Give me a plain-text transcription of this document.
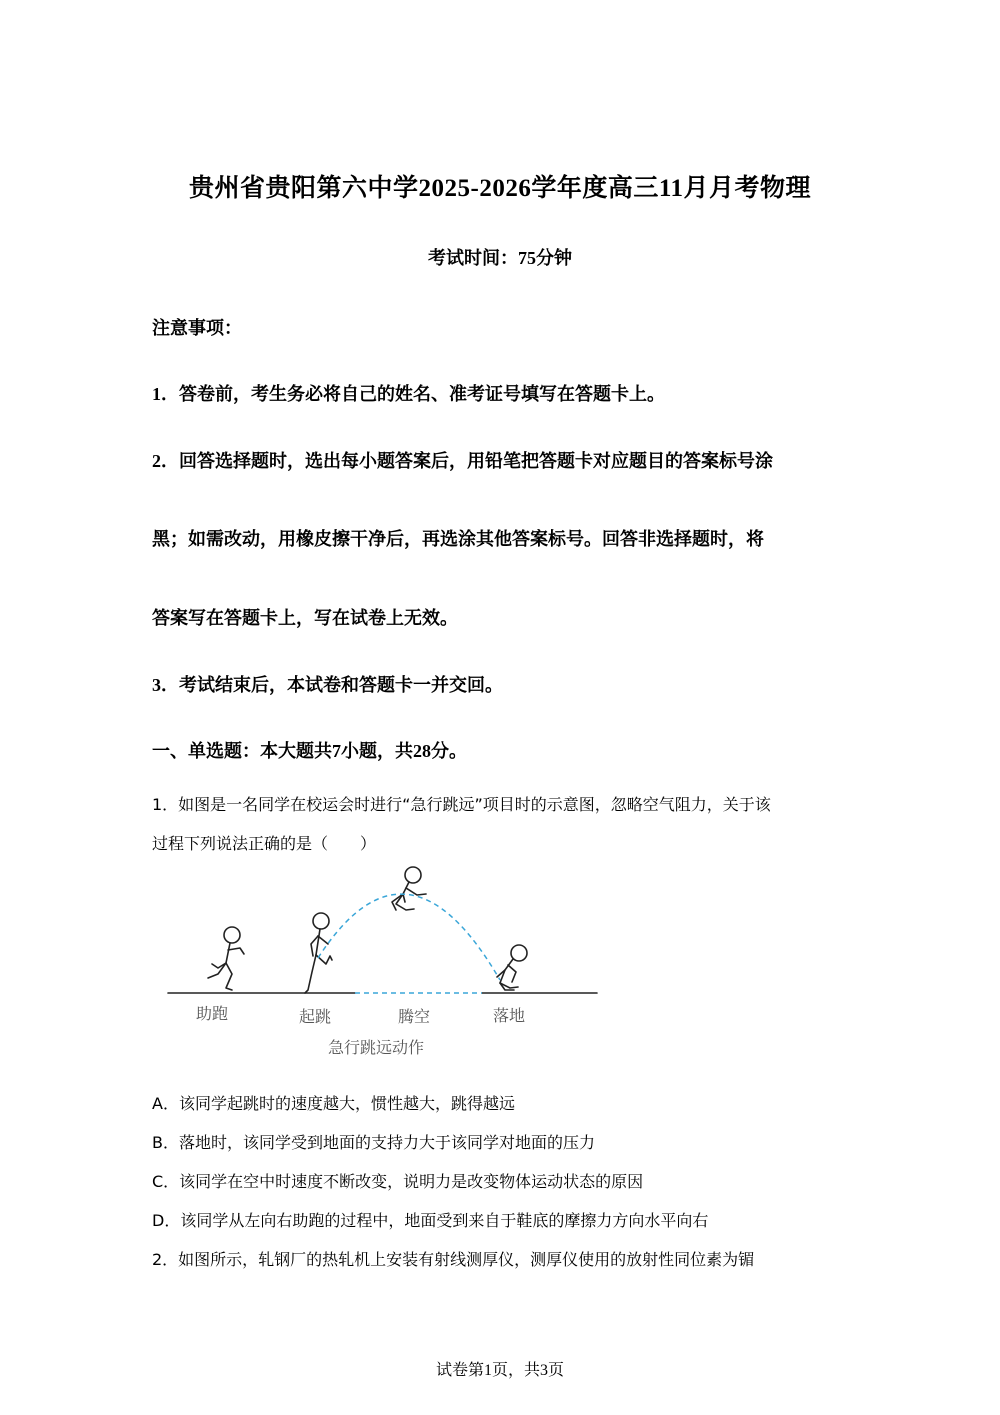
贵州省贵阳第六中学2025-2026学年度高三11月月考物理
考试时间：75分钟
注意事项：
1．答卷前，考生务必将自己的姓名、准考证号填写在答题卡上。
2．回答选择题时，选出每小题答案后，用铅笔把答题卡对应题目的答案标号涂
黑；如需改动，用橡皮擦干净后，再选涂其他答案标号。回答非选择题时，将
答案写在答题卡上，写在试卷上无效。
3．考试结束后，本试卷和答题卡一并交回。
一、单选题：本大题共7小题，共28分。
1．如图是一名同学在校运会时进行“急行跳远”项目时的示意图，忽略空气阻力，关于该
过程下列说法正确的是（　　）
助跑	起跳	腾空	落地
急行跳远动作
A．该同学起跳时的速度越大，惯性越大，跳得越远
B．落地时，该同学受到地面的支持力大于该同学对地面的压力
C．该同学在空中时速度不断改变，说明力是改变物体运动状态的原因
D．该同学从左向右助跑的过程中，地面受到来自于鞋底的摩擦力方向水平向右
2．如图所示，轧钢厂的热轧机上安装有射线测厚仪，测厚仪使用的放射性同位素为镅
试卷第1页，共3页
